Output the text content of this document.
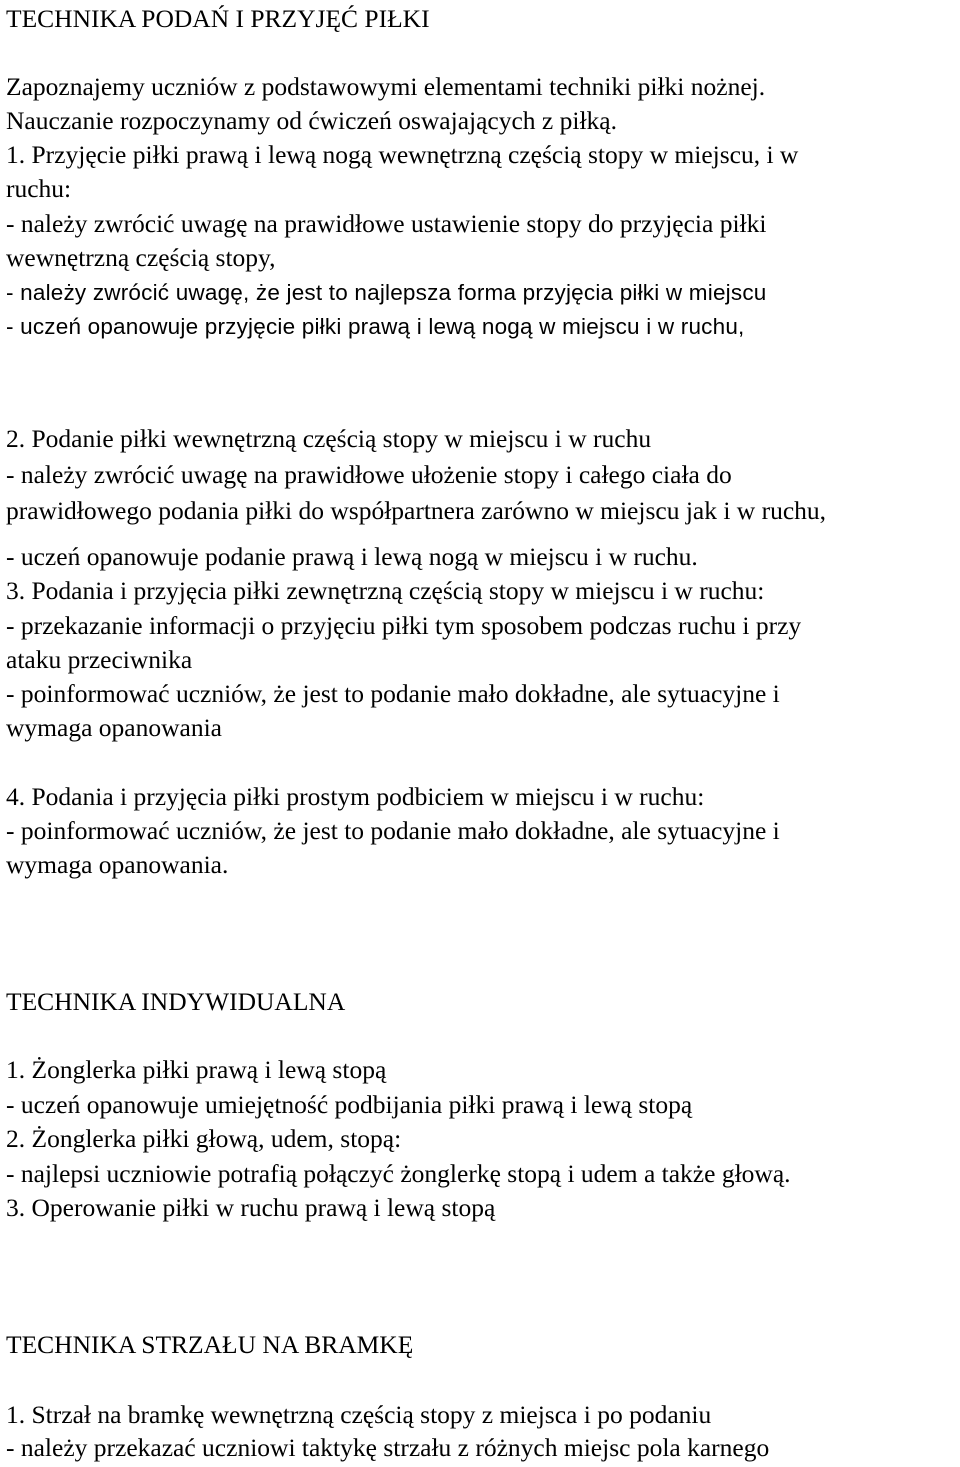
TECHNIKA PODAŃ I PRZYJĘĆ PIŁKI

Zapoznajemy uczniów z podstawowymi elementami techniki piłki nożnej.

Nauczanie rozpoczynamy od ćwiczeń oswajających z piłką.

1. Przyjęcie piłki prawą i lewą nogą wewnętrzną częścią stopy w miejscu, i w

ruchu:

- należy zwrócić uwagę na prawidłowe ustawienie stopy do przyjęcia piłki

wewnętrzną częścią stopy,

- należy zwrócić uwagę, że jest to najlepsza forma przyjęcia piłki w miejscu

- uczeń opanowuje przyjęcie piłki prawą i lewą nogą w miejscu i w ruchu,

2. Podanie piłki wewnętrzną częścią stopy w miejscu i w ruchu

- należy zwrócić uwagę na prawidłowe ułożenie stopy i całego ciała do

prawidłowego podania piłki do współpartnera zarówno w miejscu jak i w ruchu,

- uczeń opanowuje podanie prawą i lewą nogą w miejscu i w ruchu.

3. Podania i przyjęcia piłki zewnętrzną częścią stopy w miejscu i w ruchu:

- przekazanie informacji o przyjęciu piłki tym sposobem podczas ruchu i przy

ataku przeciwnika

- poinformować uczniów, że jest to podanie mało dokładne, ale sytuacyjne i

wymaga opanowania

4. Podania i przyjęcia piłki prostym podbiciem w miejscu i w ruchu:

- poinformować uczniów, że jest to podanie mało dokładne, ale sytuacyjne i

wymaga opanowania.

TECHNIKA INDYWIDUALNA

1. Żonglerka piłki prawą i lewą stopą

- uczeń opanowuje umiejętność podbijania piłki prawą i lewą stopą

2. Żonglerka piłki głową, udem, stopą:

- najlepsi uczniowie potrafią połączyć żonglerkę stopą i udem a także głową.

3. Operowanie piłki w ruchu prawą i lewą stopą

TECHNIKA STRZAŁU NA BRAMKĘ

1. Strzał na bramkę wewnętrzną częścią stopy z miejsca i po podaniu

- należy przekazać uczniowi taktykę strzału z różnych miejsc pola karnego
